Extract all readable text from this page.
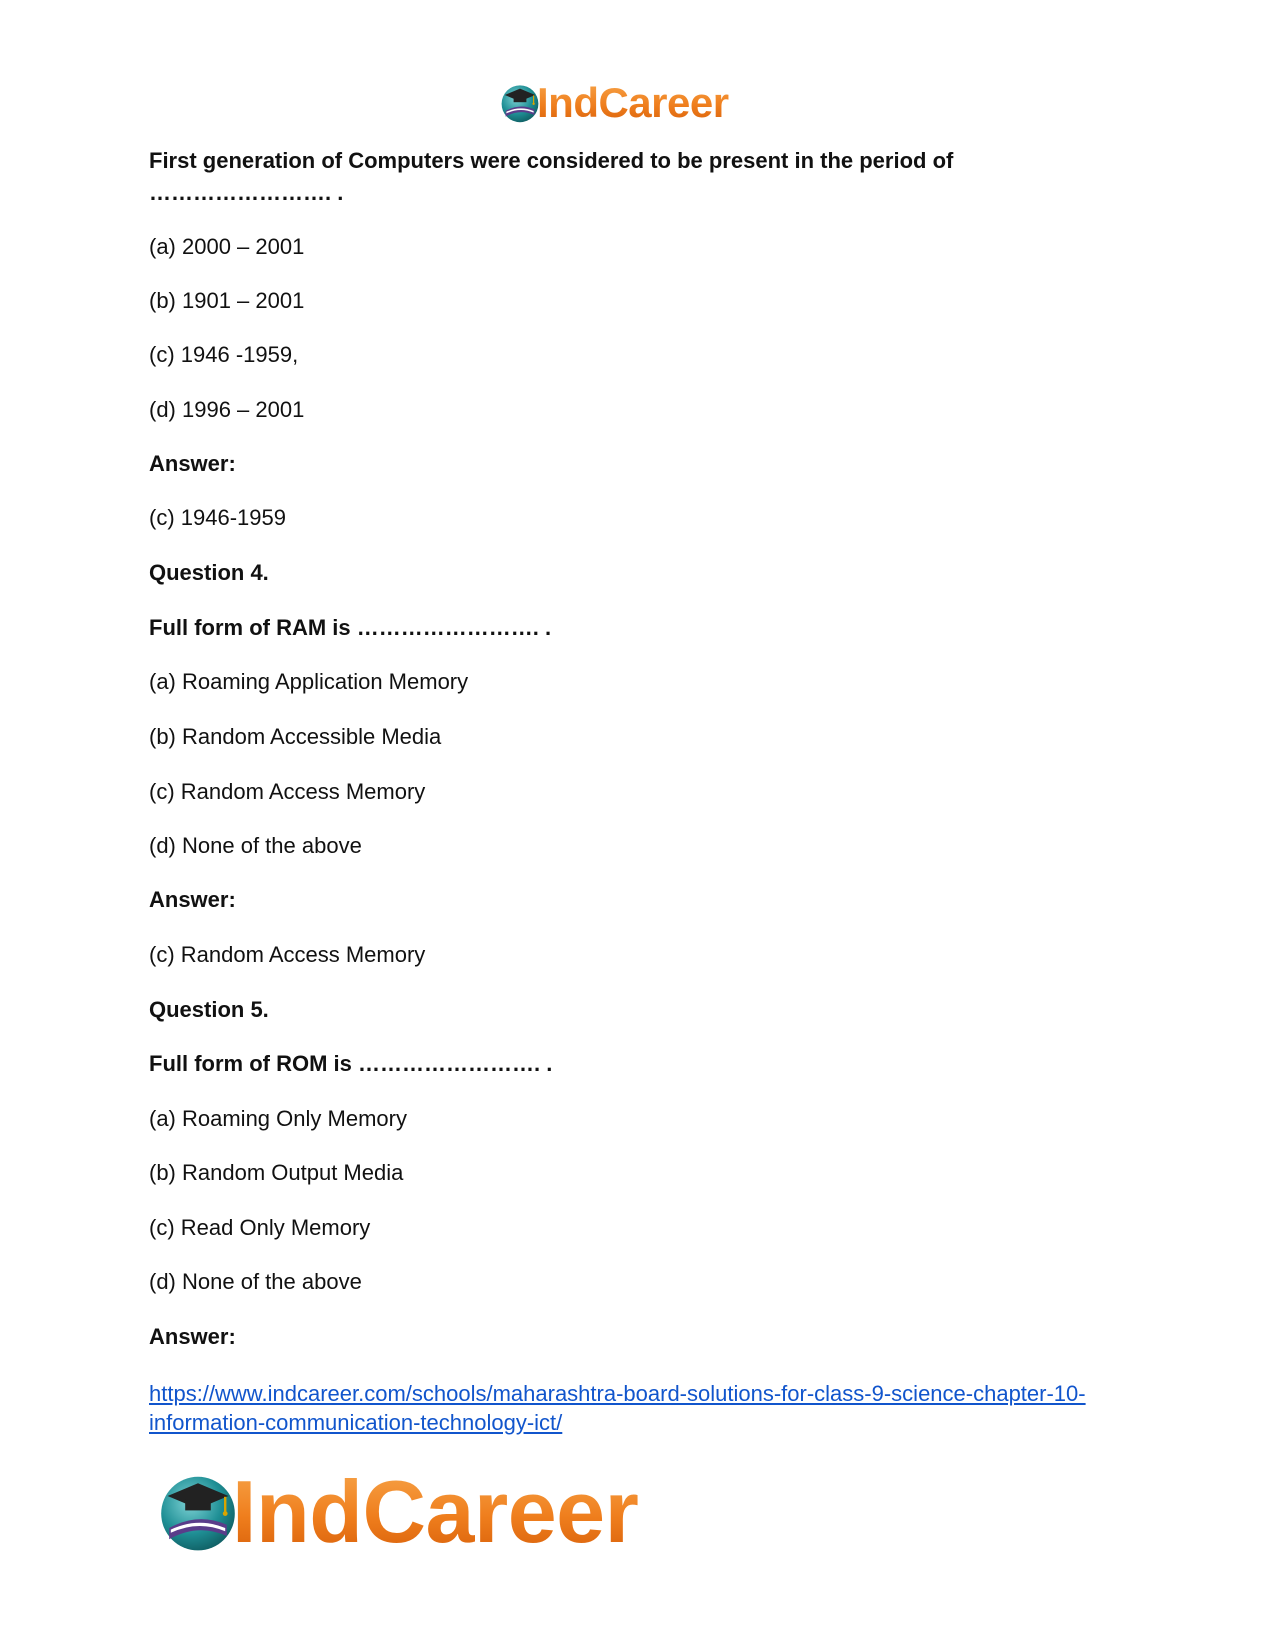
IndCareer
First generation of Computers were considered to be present in the period of
……………………. .
(a) 2000 – 2001
(b) 1901 – 2001
(c) 1946 -1959,
(d) 1996 – 2001
Answer:
(c) 1946-1959
Question 4.
Full form of RAM is ……………………. .
(a) Roaming Application Memory
(b) Random Accessible Media
(c) Random Access Memory
(d) None of the above
Answer:
(c) Random Access Memory
Question 5.
Full form of ROM is ……………………. .
(a) Roaming Only Memory
(b) Random Output Media
(c) Read Only Memory
(d) None of the above
Answer:
https://www.indcareer.com/schools/maharashtra-board-solutions-for-class-9-science-chapter-10-
information-communication-technology-ict/
IndCareer
